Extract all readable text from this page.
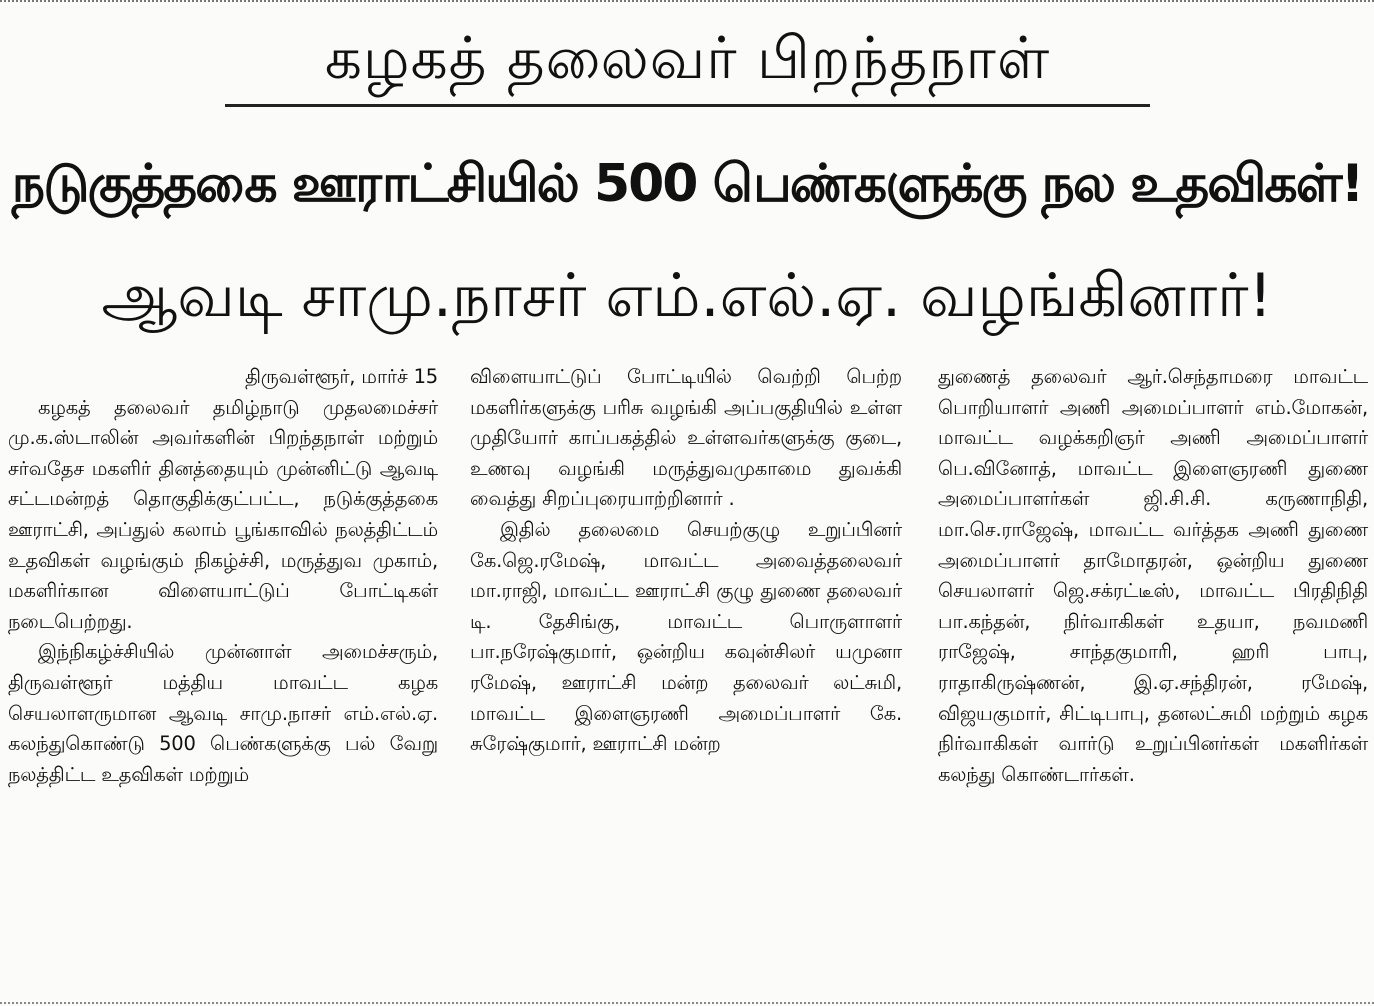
கழகத் தலைவர் பிறந்தநாள்
நடுகுத்தகை ஊராட்சியில் 500 பெண்களுக்கு நல உதவிகள்!
ஆவடி சாமு.நாசர் எம்.எல்.ஏ. வழங்கினார்!
திருவள்ளூர், மார்ச் 15

கழகத் தலைவர் தமிழ்நாடு முதலமைச்சர் மு.க.ஸ்டாலின் அவர்களின் பிறந்தநாள் மற்றும் சர்வதேச மகளிர் தினத்தையும் முன்னிட்டு ஆவடி சட்டமன்றத் தொகுதிக்குட்பட்ட, நடுக்குத்தகை ஊராட்சி, அப்துல் கலாம் பூங்காவில் நலத்திட்டம் உதவிகள் வழங்கும் நிகழ்ச்சி, மருத்துவ முகாம், மகளிர்கான விளையாட்டுப் போட்டிகள் நடைபெற்றது.

இந்நிகழ்ச்சியில் முன்னாள் அமைச்சரும், திருவள்ளூர் மத்திய மாவட்ட கழக செயலாளருமான ஆவடி சாமு.நாசர் எம்.எல்.ஏ. கலந்துகொண்டு 500 பெண்களுக்கு பல் வேறு நலத்திட்ட உதவிகள் மற்றும்

விளையாட்டுப் போட்டியில் வெற்றி பெற்ற மகளிர்களுக்கு பரிசு வழங்கி அப்பகுதியில் உள்ள முதியோர் காப்பகத்தில் உள்ளவர்களுக்கு குடை, உணவு வழங்கி மருத்துவமுகாமை துவக்கி வைத்து சிறப்புரையாற்றினார் .

இதில் தலைமை செயற்குழு உறுப்பினர் கே.ஜெ.ரமேஷ், மாவட்ட அவைத்தலைவர் மா.ராஜி, மாவட்ட ஊராட்சி குழு துணை தலைவர் டி. தேசிங்கு, மாவட்ட பொருளாளர் பா.நரேஷ்குமார், ஒன்றிய கவுன்சிலர் யமுனா ரமேஷ், ஊராட்சி மன்ற தலைவர் லட்சுமி, மாவட்ட இளைஞரணி அமைப்பாளர் கே. சுரேஷ்குமார், ஊராட்சி மன்ற

துணைத் தலைவர் ஆர்.செந்தாமரை மாவட்ட பொறியாளர் அணி அமைப்பாளர் எம்.மோகன், மாவட்ட வழக்கறிஞர் அணி அமைப்பாளர் பெ.வினோத், மாவட்ட இளைஞரணி துணை அமைப்பாளர்கள் ஜி.சி.சி. கருணாநிதி, மா.செ.ராஜேஷ், மாவட்ட வர்த்தக அணி துணை அமைப்பாளர் தாமோதரன், ஒன்றிய துணை செயலாளர் ஜெ.சக்ரட்டீஸ், மாவட்ட பிரதிநிதி பா.கந்தன், நிர்வாகிகள் உதயா, நவமணி ராஜேஷ், சாந்தகுமாரி, ஹரி பாபு, ராதாகிருஷ்ணன், இ.ஏ.சந்திரன், ரமேஷ், விஜயகுமார், சிட்டிபாபு, தனலட்சுமி மற்றும் கழக நிர்வாகிகள் வார்டு உறுப்பினர்கள் மகளிர்கள் கலந்து கொண்டார்கள்.
